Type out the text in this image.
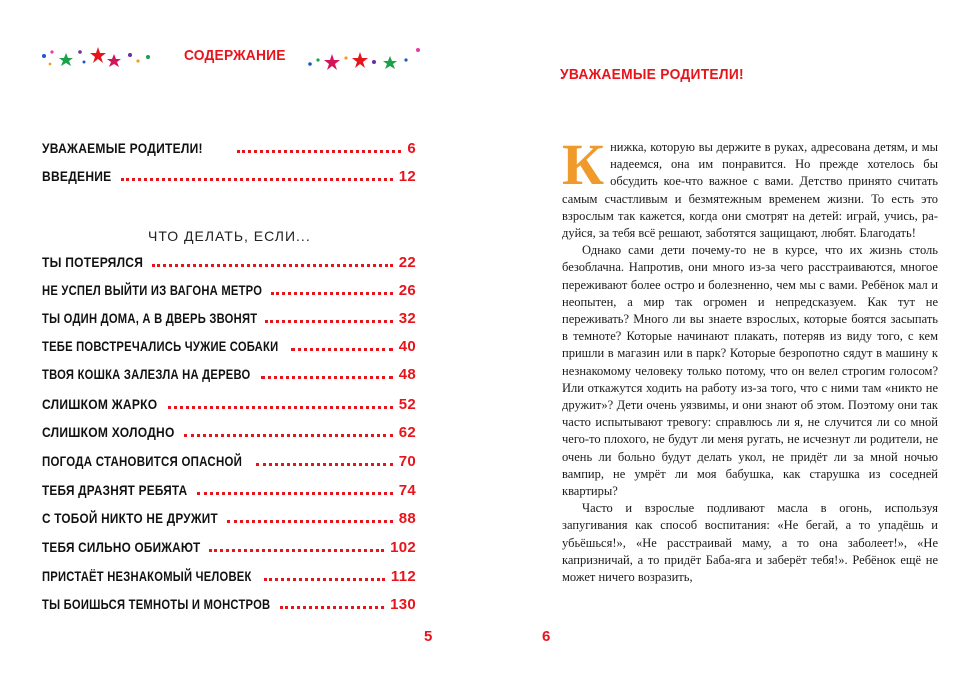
СОДЕРЖАНИЕ
УВАЖАЕМЫЕ РОДИТЕЛИ!	6
ВВЕДЕНИЕ	12
ЧТО ДЕЛАТЬ, ЕСЛИ...
ТЫ ПОТЕРЯЛСЯ	22
НЕ УСПЕЛ ВЫЙТИ ИЗ ВАГОНА МЕТРО	26
ТЫ ОДИН ДОМА, А В ДВЕРЬ ЗВОНЯТ	32
ТЕБЕ ПОВСТРЕЧАЛИСЬ ЧУЖИЕ СОБАКИ	40
ТВОЯ КОШКА ЗАЛЕЗЛА НА ДЕРЕВО	48
СЛИШКОМ ЖАРКО	52
СЛИШКОМ ХОЛОДНО	62
ПОГОДА СТАНОВИТСЯ ОПАСНОЙ	70
ТЕБЯ ДРАЗНЯТ РЕБЯТА	74
С ТОБОЙ НИКТО НЕ ДРУЖИТ	88
ТЕБЯ СИЛЬНО ОБИЖАЮТ	102
ПРИСТАЁТ НЕЗНАКОМЫЙ ЧЕЛОВЕК	112
ТЫ БОИШЬСЯ ТЕМНОТЫ И МОНСТРОВ	130
5
УВАЖАЕМЫЕ РОДИТЕЛИ!

Книжка, которую вы держите в руках, адресована детям, и мы надеемся, она им понравится. Но прежде хотелось бы обсудить кое-что важное с вами. Детство принято считать самым счастливым и безмятежным временем жизни. То есть это взрослым так кажется, когда они смотрят на детей: играй, учись, радуйся, за тебя всё решают, заботятся защищают, любят. Благодать!

Однако сами дети почему-то не в курсе, что их жизнь столь безоблачна. Напротив, они много из-за чего расстраиваются, многое переживают более остро и болезненно, чем мы с вами. Ребёнок мал и неопытен, а мир так огромен и непредсказуем. Как тут не переживать? Много ли вы знаете взрослых, которые боятся засыпать в темноте? Которые начинают плакать, потеряв из виду того, с кем пришли в магазин или в парк? Которые безропотно сядут в машину к незнакомому человеку только потому, что он велел строгим голосом? Или откажутся ходить на работу из-за того, что с ними там «никто не дружит»? Дети очень уязвимы, и они знают об этом. Поэтому они так часто испытывают тревогу: справлюсь ли я, не случится ли со мной чего-то плохого, не будут ли меня ругать, не исчезнут ли родители, не очень ли больно будут делать укол, не придёт ли за мной ночью вампир, не умрёт ли моя бабушка, как старушка из соседней квартиры?

Часто и взрослые подливают масла в огонь, используя запугивания как способ воспитания: «Не бегай, а то упадёшь и убьёшься!», «Не расстраивай маму, а то она заболеет!», «Не капризничай, а то придёт Баба-яга и заберёт тебя!». Ребёнок ещё не может ничего возразить,

6
